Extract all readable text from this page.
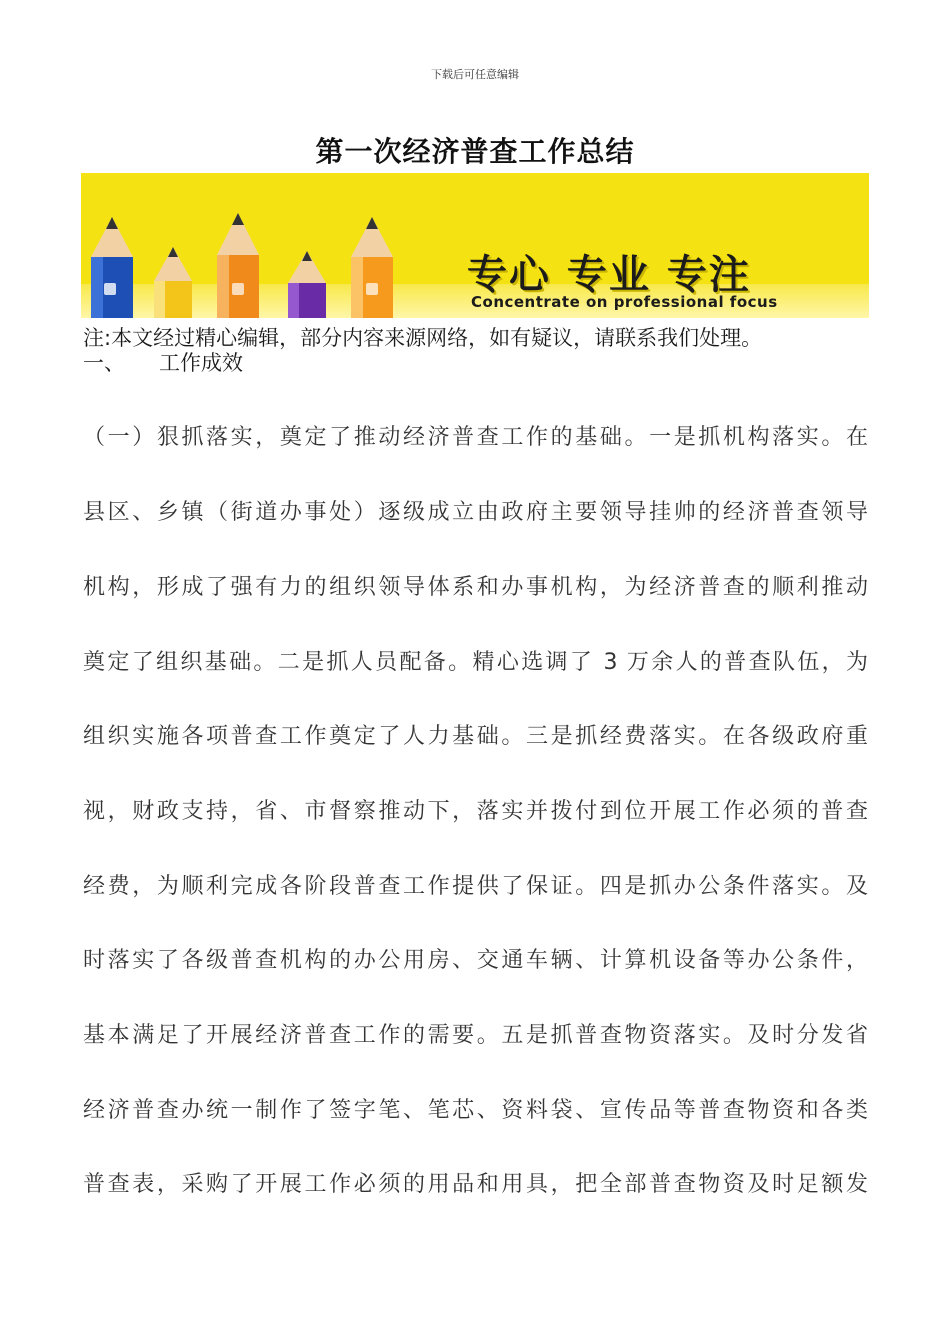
下载后可任意编辑
第一次经济普查工作总结
专心 专业 专注
Concentrate on professional focus
注:本文经过精心编辑，部分内容来源网络，如有疑议，请联系我们处理。
一、 工作成效
（一）狠抓落实，奠定了推动经济普查工作的基础。一是抓机构落实。在
县区、乡镇（街道办事处）逐级成立由政府主要领导挂帅的经济普查领导
机构，形成了强有力的组织领导体系和办事机构，为经济普查的顺利推动
奠定了组织基础。二是抓人员配备。精心选调了 3 万余人的普查队伍，为
组织实施各项普查工作奠定了人力基础。三是抓经费落实。在各级政府重
视，财政支持，省、市督察推动下，落实并拨付到位开展工作必须的普查
经费，为顺利完成各阶段普查工作提供了保证。四是抓办公条件落实。及
时落实了各级普查机构的办公用房、交通车辆、计算机设备等办公条件，
基本满足了开展经济普查工作的需要。五是抓普查物资落实。及时分发省
经济普查办统一制作了签字笔、笔芯、资料袋、宣传品等普查物资和各类
普查表，采购了开展工作必须的用品和用具，把全部普查物资及时足额发
